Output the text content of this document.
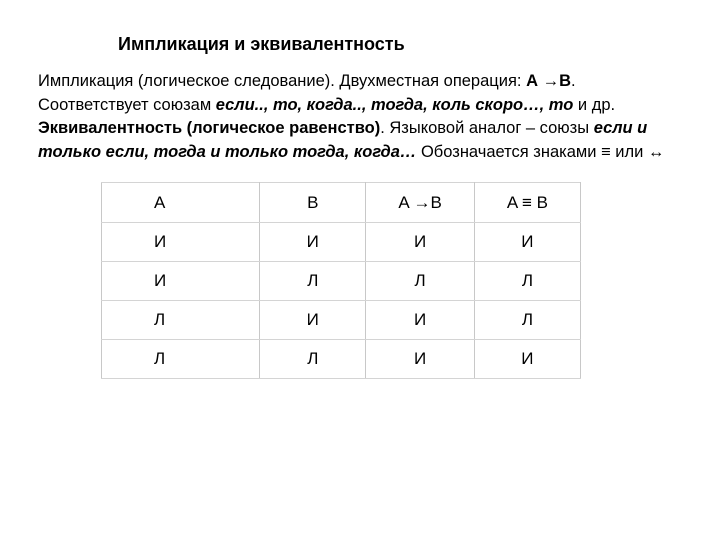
Импликация и эквивалентность

Импликация (логическое следование). Двухместная операция: А →В.
Соответствует союзам если.., то, когда.., тогда, коль скоро…, то и др.

Эквивалентность (логическое равенство). Языковой аналог – союзы если и только если, тогда и только тогда, когда… Обозначается знаками ≡ или ↔

A	B	A →B	A ≡ B
И	И	И	И
И	Л	Л	Л
Л	И	И	Л
Л	Л	И	И
